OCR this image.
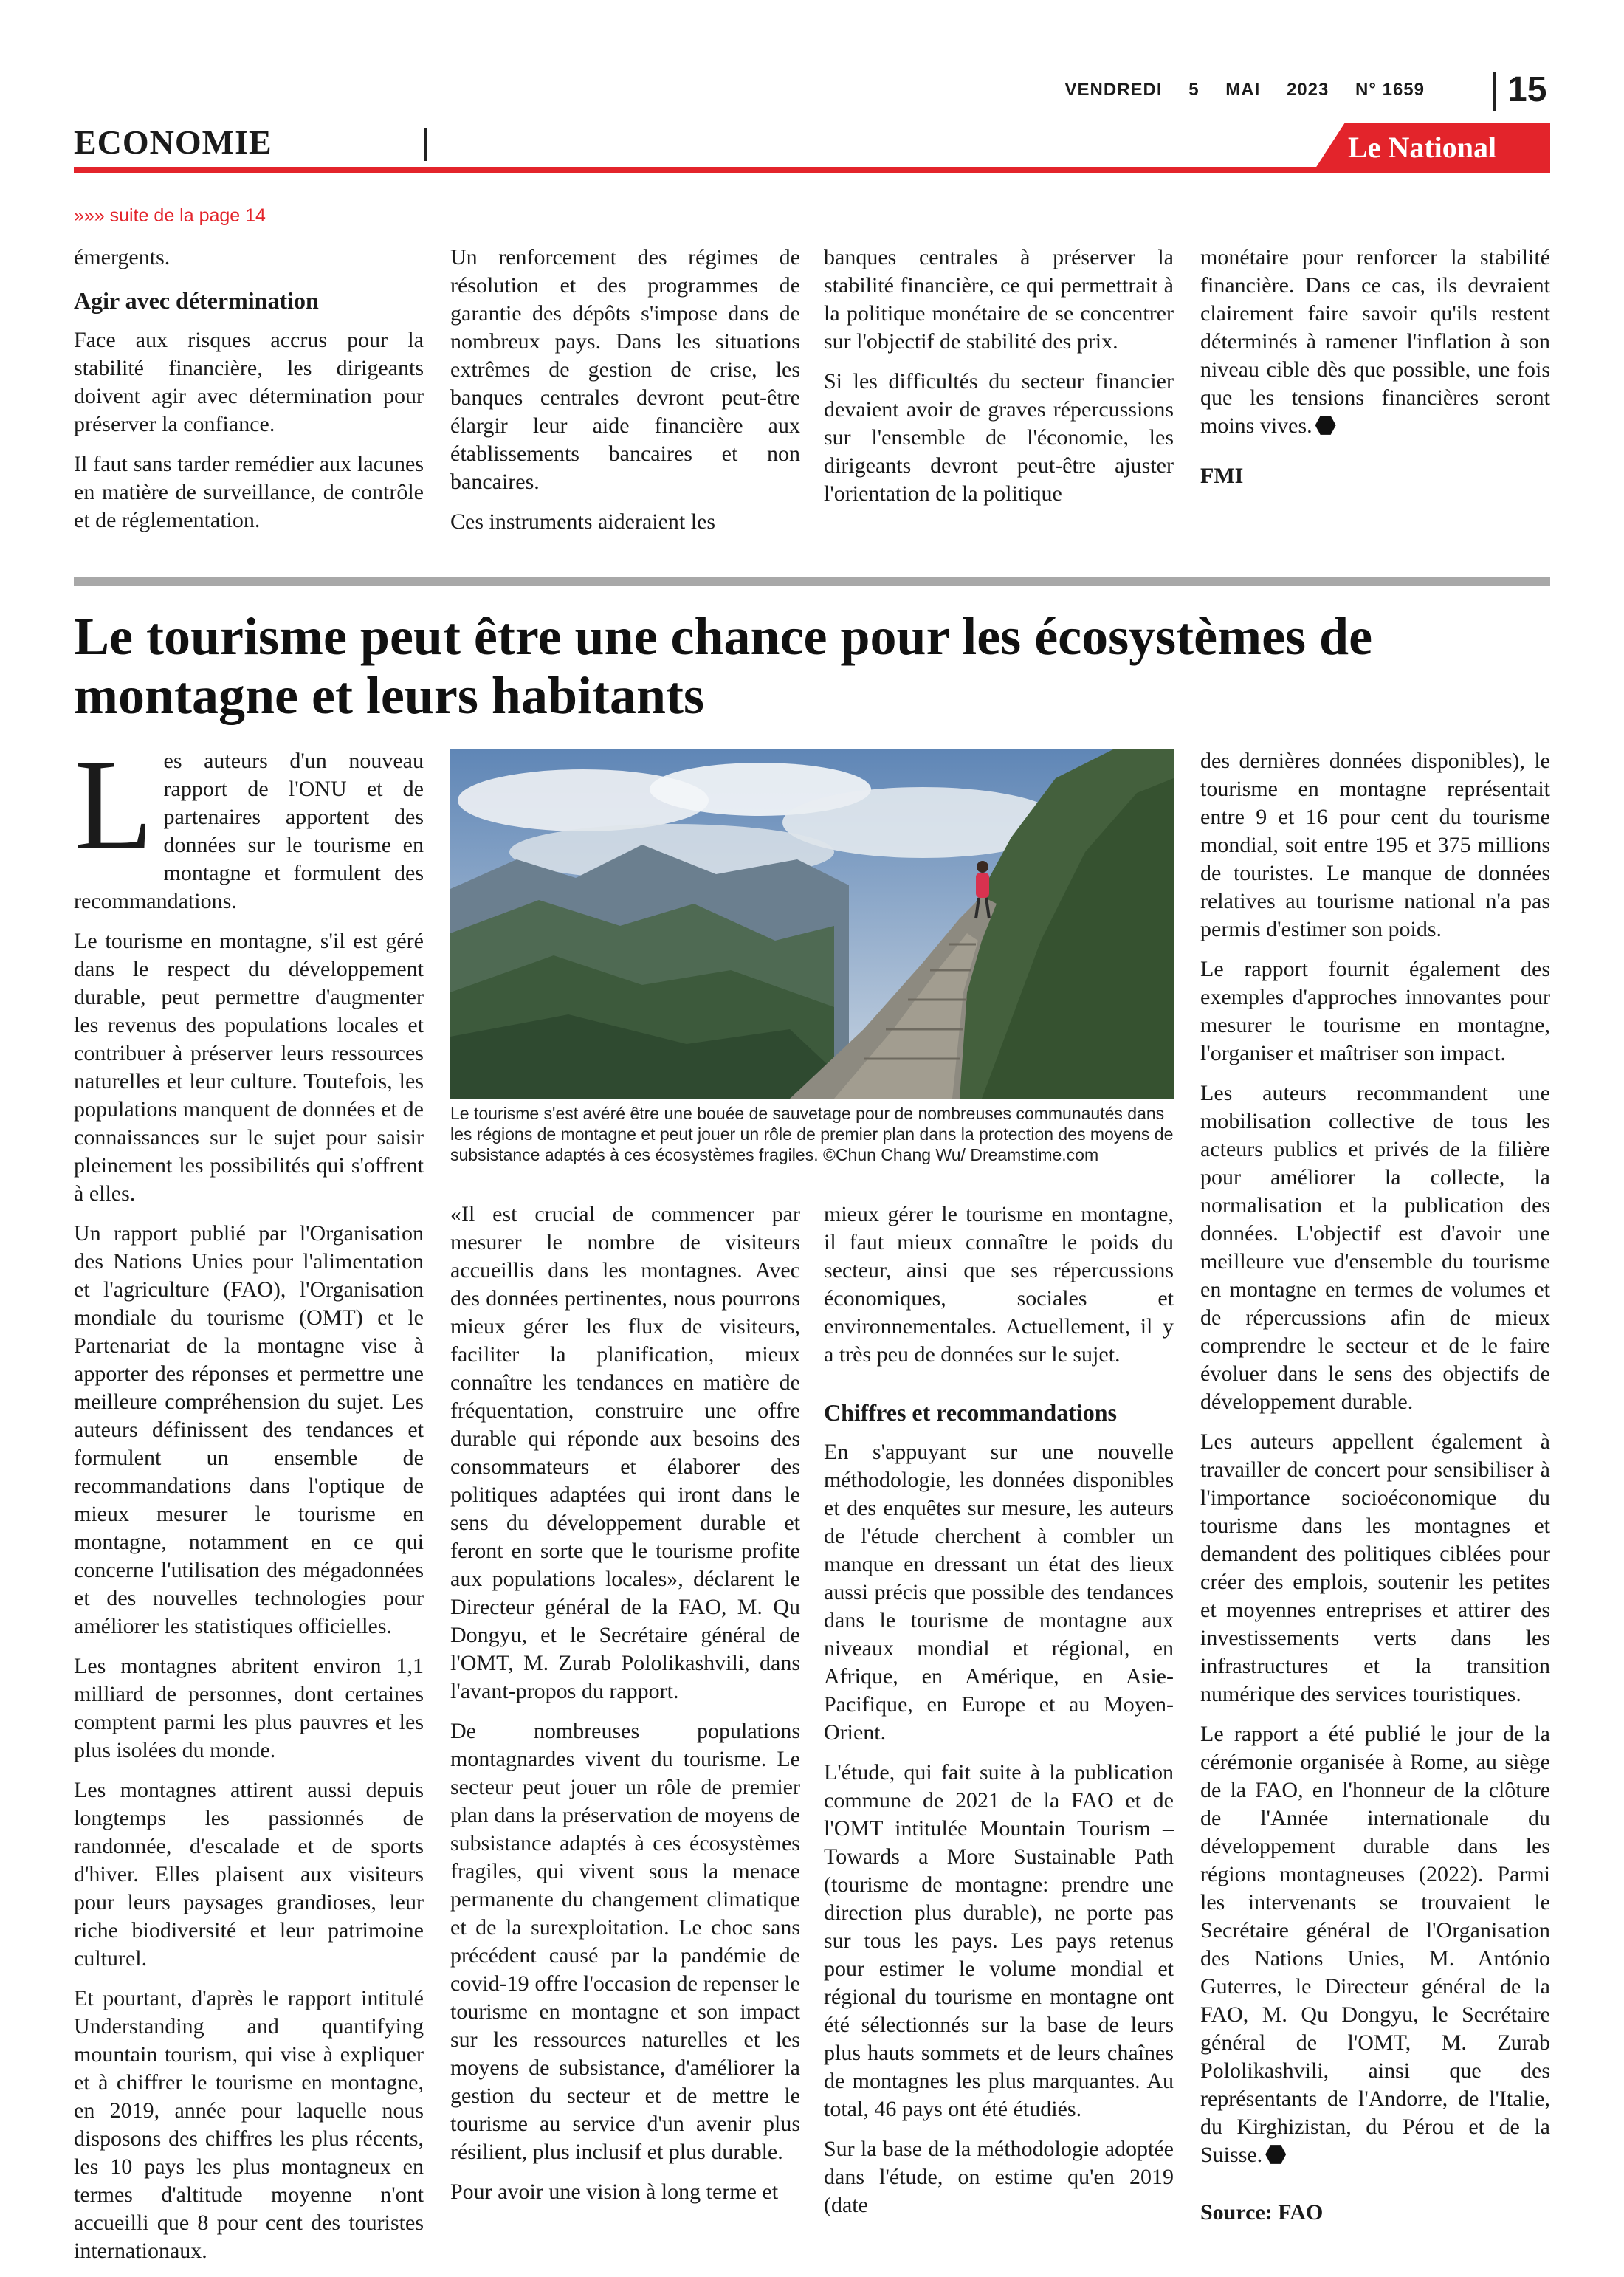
VENDREDI 5 MAI 2023 N° 1659 15
ECONOMIE	Le National
»»» suite de la page 14

émergents.

Agir avec détermination

Face aux risques accrus pour la stabilité financière, les dirigeants doivent agir avec détermination pour préserver la confiance.

Il faut sans tarder remédier aux lacunes en matière de surveillance, de contrôle et de réglementation.

Un renforcement des régimes de résolution et des programmes de garantie des dépôts s'impose dans de nombreux pays. Dans les situations extrêmes de gestion de crise, les banques centrales devront peut-être élargir leur aide financière aux établissements bancaires et non bancaires.

Ces instruments aideraient les

banques centrales à préserver la stabilité financière, ce qui permettrait à la politique monétaire de se concentrer sur l'objectif de stabilité des prix.

Si les difficultés du secteur financier devaient avoir de graves répercussions sur l'ensemble de l'économie, les dirigeants devront peut-être ajuster l'orientation de la politique

monétaire pour renforcer la stabilité financière. Dans ce cas, ils devraient clairement faire savoir qu'ils restent déterminés à ramener l'inflation à son niveau cible dès que possible, une fois que les tensions financières seront moins vives.

FMI

Le tourisme peut être une chance pour les écosystèmes de montagne et leurs habitants

Les auteurs d'un nouveau rapport de l'ONU et de partenaires apportent des données sur le tourisme en montagne et formulent des recommandations.

Le tourisme en montagne, s'il est géré dans le respect du développement durable, peut permettre d'augmenter les revenus des populations locales et contribuer à préserver leurs ressources naturelles et leur culture. Toutefois, les populations manquent de données et de connaissances sur le sujet pour saisir pleinement les possibilités qui s'offrent à elles.

Un rapport publié par l'Organisation des Nations Unies pour l'alimentation et l'agriculture (FAO), l'Organisation mondiale du tourisme (OMT) et le Partenariat de la montagne vise à apporter des réponses et permettre une meilleure compréhension du sujet. Les auteurs définissent des tendances et formulent un ensemble de recommandations dans l'optique de mieux mesurer le tourisme en montagne, notamment en ce qui concerne l'utilisation des mégadonnées et des nouvelles technologies pour améliorer les statistiques officielles.

Les montagnes abritent environ 1,1 milliard de personnes, dont certaines comptent parmi les plus pauvres et les plus isolées du monde.

Les montagnes attirent aussi depuis longtemps les passionnés de randonnée, d'escalade et de sports d'hiver. Elles plaisent aux visiteurs pour leurs paysages grandioses, leur riche biodiversité et leur patrimoine culturel.

Et pourtant, d'après le rapport intitulé Understanding and quantifying mountain tourism, qui vise à expliquer et à chiffrer le tourisme en montagne, en 2019, année pour laquelle nous disposons des chiffres les plus récents, les 10 pays les plus montagneux en termes d'altitude moyenne n'ont accueilli que 8 pour cent des touristes internationaux.

Le tourisme s'est avéré être une bouée de sauvetage pour de nombreuses communautés dans les régions de montagne et peut jouer un rôle de premier plan dans la protection des moyens de subsistance adaptés à ces écosystèmes fragiles. ©Chun Chang Wu/ Dreamstime.com

«Il est crucial de commencer par mesurer le nombre de visiteurs accueillis dans les montagnes. Avec des données pertinentes, nous pourrons mieux gérer les flux de visiteurs, faciliter la planification, mieux connaître les tendances en matière de fréquentation, construire une offre durable qui réponde aux besoins des consommateurs et élaborer des politiques adaptées qui iront dans le sens du développement durable et feront en sorte que le tourisme profite aux populations locales», déclarent le Directeur général de la FAO, M. Qu Dongyu, et le Secrétaire général de l'OMT, M. Zurab Pololikashvili, dans l'avant-propos du rapport.

De nombreuses populations montagnardes vivent du tourisme. Le secteur peut jouer un rôle de premier plan dans la préservation de moyens de subsistance adaptés à ces écosystèmes fragiles, qui vivent sous la menace permanente du changement climatique et de la surexploitation. Le choc sans précédent causé par la pandémie de covid-19 offre l'occasion de repenser le tourisme en montagne et son impact sur les ressources naturelles et les moyens de subsistance, d'améliorer la gestion du secteur et de mettre le tourisme au service d'un avenir plus résilient, plus inclusif et plus durable.

Pour avoir une vision à long terme et

mieux gérer le tourisme en montagne, il faut mieux connaître le poids du secteur, ainsi que ses répercussions économiques, sociales et environnementales. Actuellement, il y a très peu de données sur le sujet.

Chiffres et recommandations

En s'appuyant sur une nouvelle méthodologie, les données disponibles et des enquêtes sur mesure, les auteurs de l'étude cherchent à combler un manque en dressant un état des lieux aussi précis que possible des tendances dans le tourisme de montagne aux niveaux mondial et régional, en Afrique, en Amérique, en Asie-Pacifique, en Europe et au Moyen-Orient.

L'étude, qui fait suite à la publication commune de 2021 de la FAO et de l'OMT intitulée Mountain Tourism – Towards a More Sustainable Path (tourisme de montagne: prendre une direction plus durable), ne porte pas sur tous les pays. Les pays retenus pour estimer le volume mondial et régional du tourisme en montagne ont été sélectionnés sur la base de leurs plus hauts sommets et de leurs chaînes de montagnes les plus marquantes. Au total, 46 pays ont été étudiés.

Sur la base de la méthodologie adoptée dans l'étude, on estime qu'en 2019 (date

des dernières données disponibles), le tourisme en montagne représentait entre 9 et 16 pour cent du tourisme mondial, soit entre 195 et 375 millions de touristes. Le manque de données relatives au tourisme national n'a pas permis d'estimer son poids.

Le rapport fournit également des exemples d'approches innovantes pour mesurer le tourisme en montagne, l'organiser et maîtriser son impact.

Les auteurs recommandent une mobilisation collective de tous les acteurs publics et privés de la filière pour améliorer la collecte, la normalisation et la publication des données. L'objectif est d'avoir une meilleure vue d'ensemble du tourisme en montagne en termes de volumes et de répercussions afin de mieux comprendre le secteur et de le faire évoluer dans le sens des objectifs de développement durable.

Les auteurs appellent également à travailler de concert pour sensibiliser à l'importance socioéconomique du tourisme dans les montagnes et demandent des politiques ciblées pour créer des emplois, soutenir les petites et moyennes entreprises et attirer des investissements verts dans les infrastructures et la transition numérique des services touristiques.

Le rapport a été publié le jour de la cérémonie organisée à Rome, au siège de la FAO, en l'honneur de la clôture de l'Année internationale du développement durable dans les régions montagneuses (2022). Parmi les intervenants se trouvaient le Secrétaire général de l'Organisation des Nations Unies, M. António Guterres, le Directeur général de la FAO, M. Qu Dongyu, le Secrétaire général de l'OMT, M. Zurab Pololikashvili, ainsi que des représentants de l'Andorre, de l'Italie, du Kirghizistan, du Pérou et de la Suisse.

Source: FAO
